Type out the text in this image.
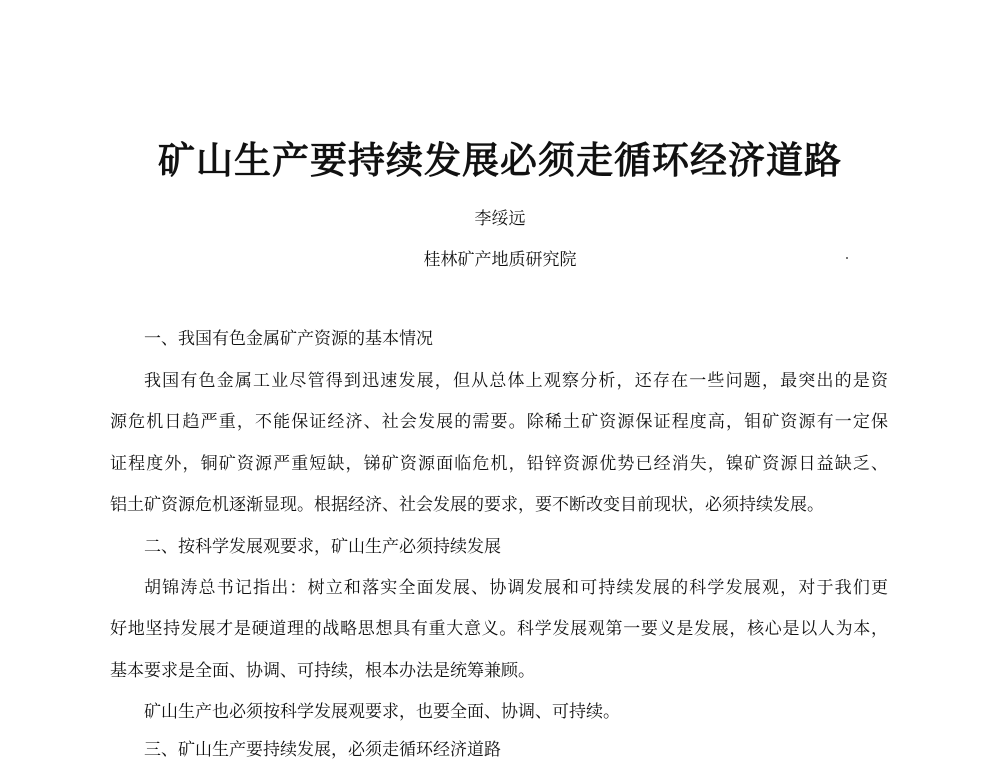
矿山生产要持续发展必须走循环经济道路
李绥远
桂林矿产地质研究院
一、我国有色金属矿产资源的基本情况
我国有色金属工业尽管得到迅速发展，但从总体上观察分析，还存在一些问题，最突出的是资
源危机日趋严重，不能保证经济、社会发展的需要。除稀土矿资源保证程度高，钼矿资源有一定保
证程度外，铜矿资源严重短缺，锑矿资源面临危机，铅锌资源优势已经消失，镍矿资源日益缺乏、
铝土矿资源危机逐渐显现。根据经济、社会发展的要求，要不断改变目前现状，必须持续发展。
二、按科学发展观要求，矿山生产必须持续发展
胡锦涛总书记指出：树立和落实全面发展、协调发展和可持续发展的科学发展观，对于我们更
好地坚持发展才是硬道理的战略思想具有重大意义。科学发展观第一要义是发展，核心是以人为本，
基本要求是全面、协调、可持续，根本办法是统筹兼顾。
矿山生产也必须按科学发展观要求，也要全面、协调、可持续。
三、矿山生产要持续发展，必须走循环经济道路
